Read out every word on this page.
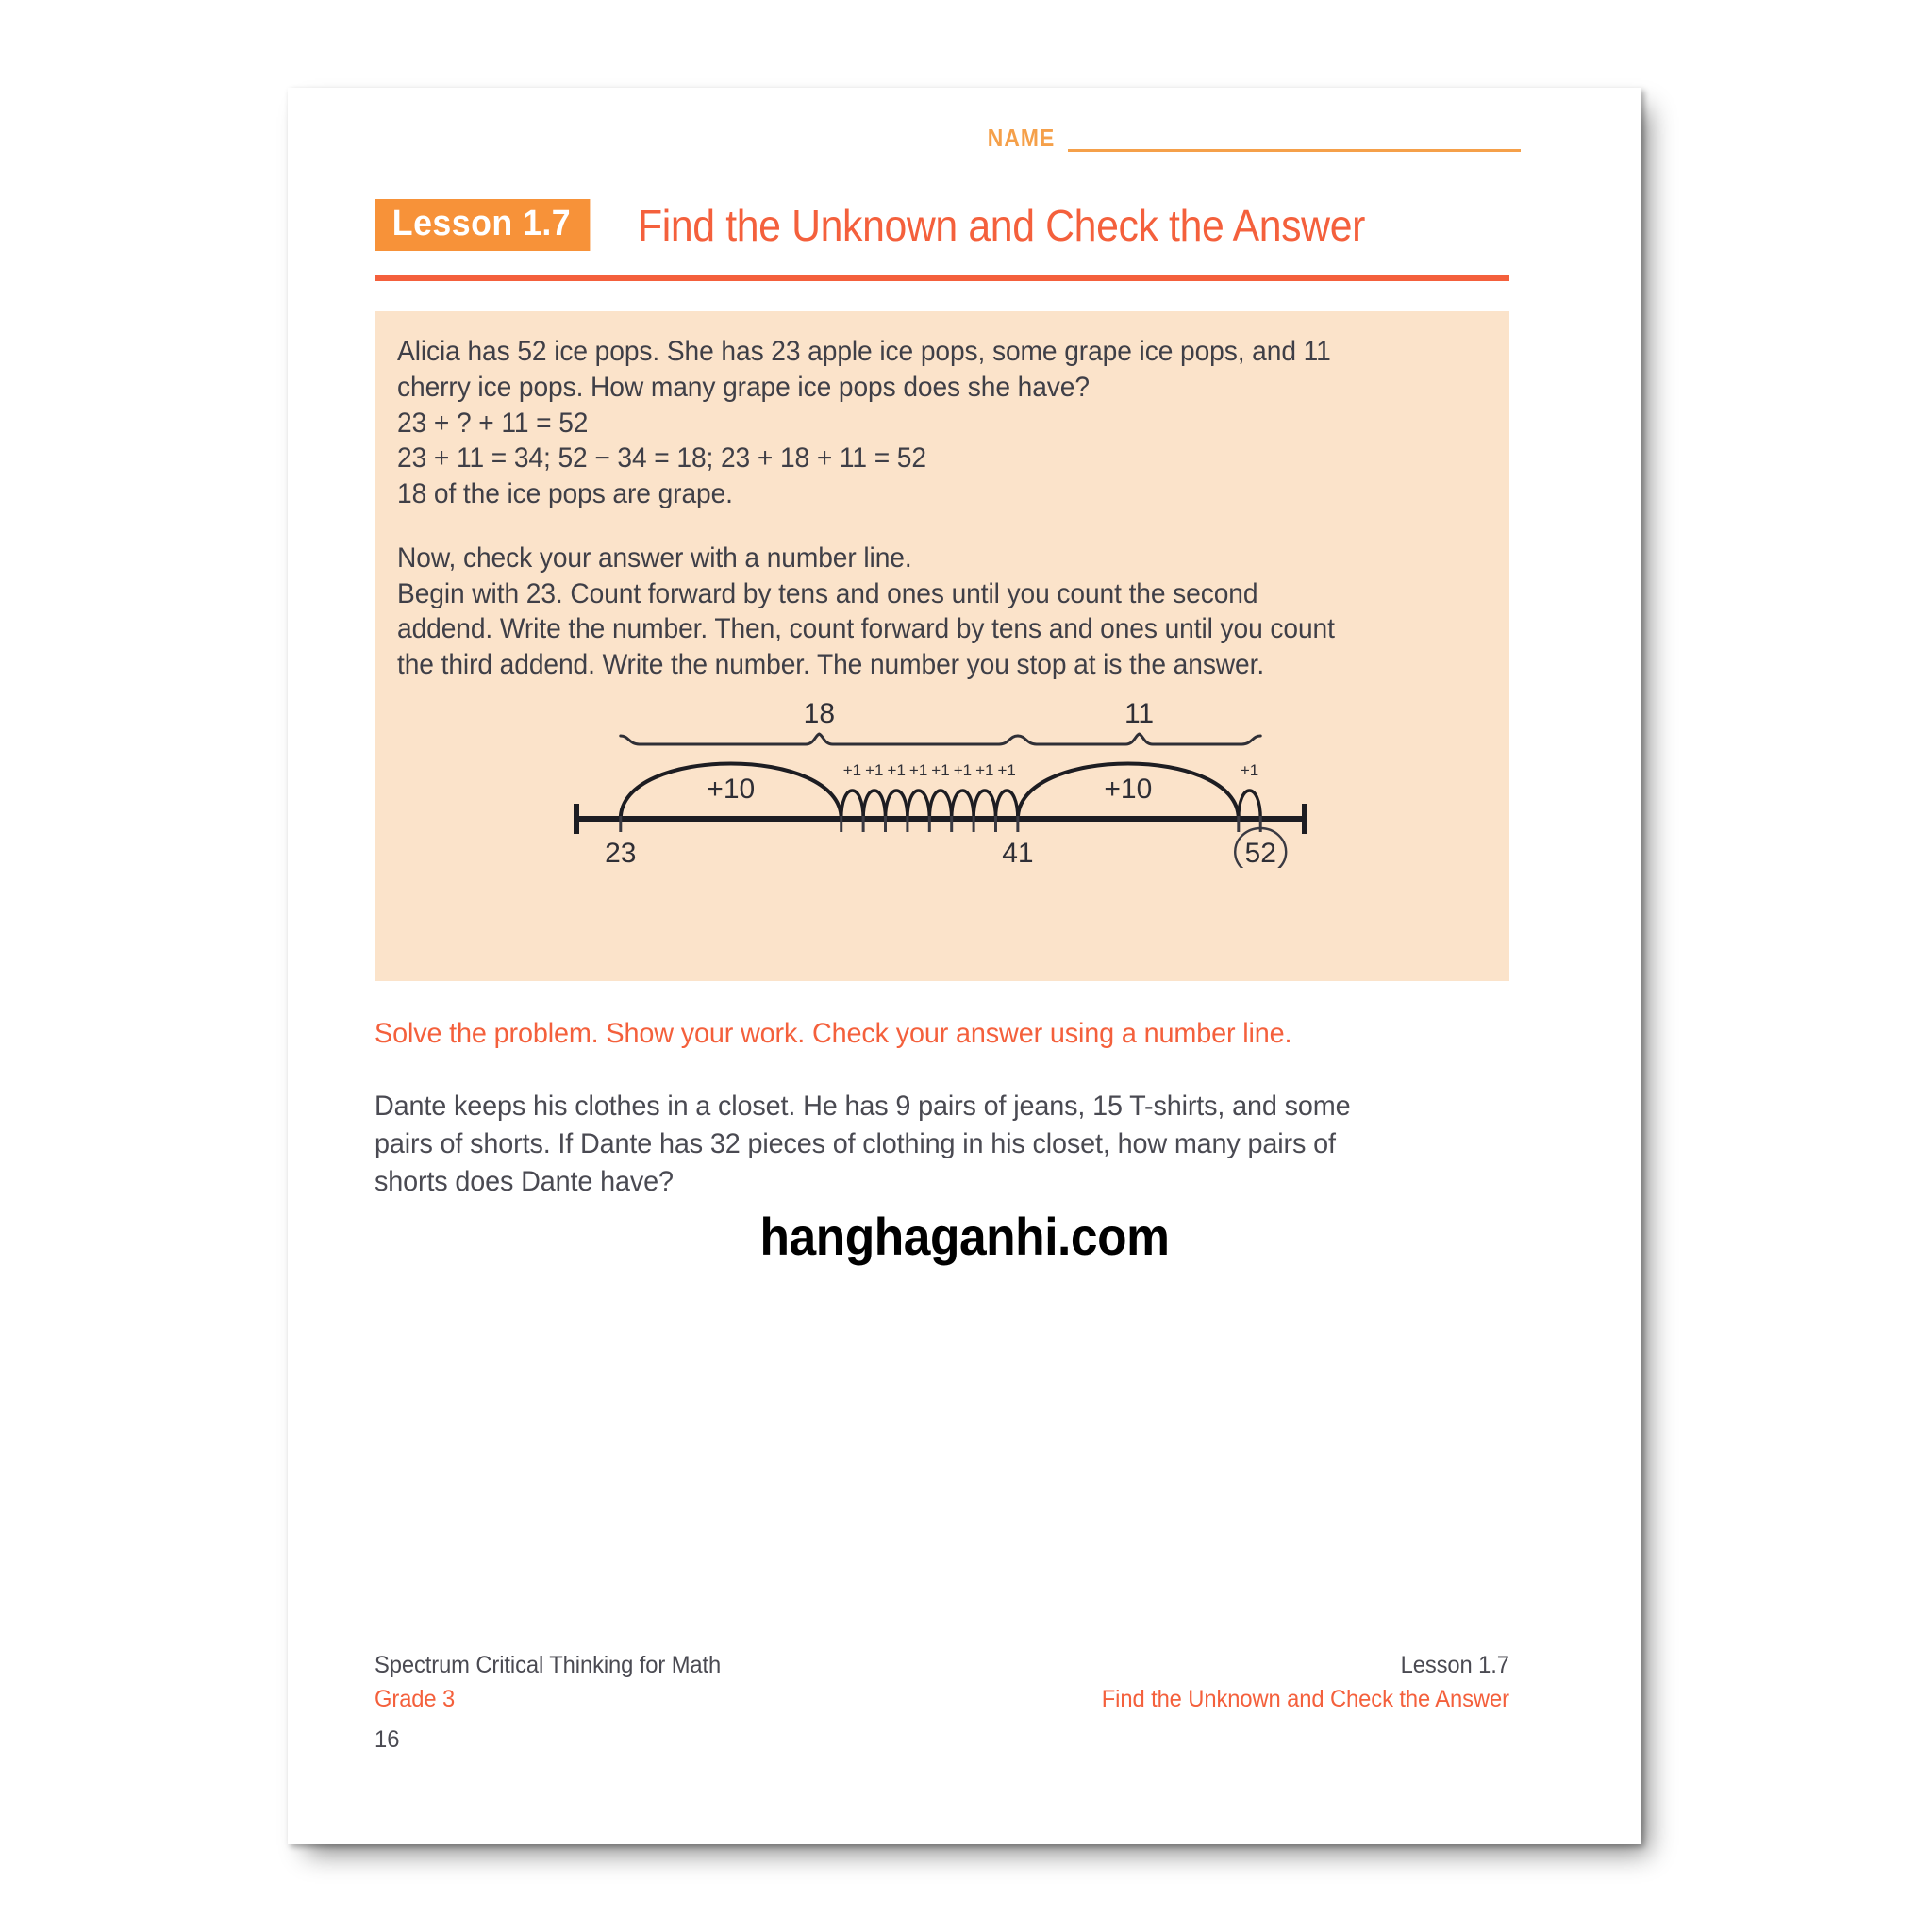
NAME
Lesson 1.7	Find the Unknown and Check the Answer
Alicia has 52 ice pops. She has 23 apple ice pops, some grape ice pops, and 11
cherry ice pops. How many grape ice pops does she have?
23 + ? + 11 = 52
23 + 11 = 34; 52 − 34 = 18; 23 + 18 + 11 = 52
18 of the ice pops are grape.
Now, check your answer with a number line.
Begin with 23. Count forward by tens and ones until you count the second
addend. Write the number. Then, count forward by tens and ones until you count
the third addend. Write the number. The number you stop at is the answer.
18	11
+10
+1 +1 +1 +1 +1 +1 +1 +1
+10
+1
23	41	52
Solve the problem. Show your work. Check your answer using a number line.
Dante keeps his clothes in a closet. He has 9 pairs of jeans, 15 T-shirts, and some
pairs of shorts. If Dante has 32 pieces of clothing in his closet, how many pairs of
shorts does Dante have?
hanghaganhi.com
Spectrum Critical Thinking for Math
Grade 3
16
Lesson 1.7
Find the Unknown and Check the Answer
